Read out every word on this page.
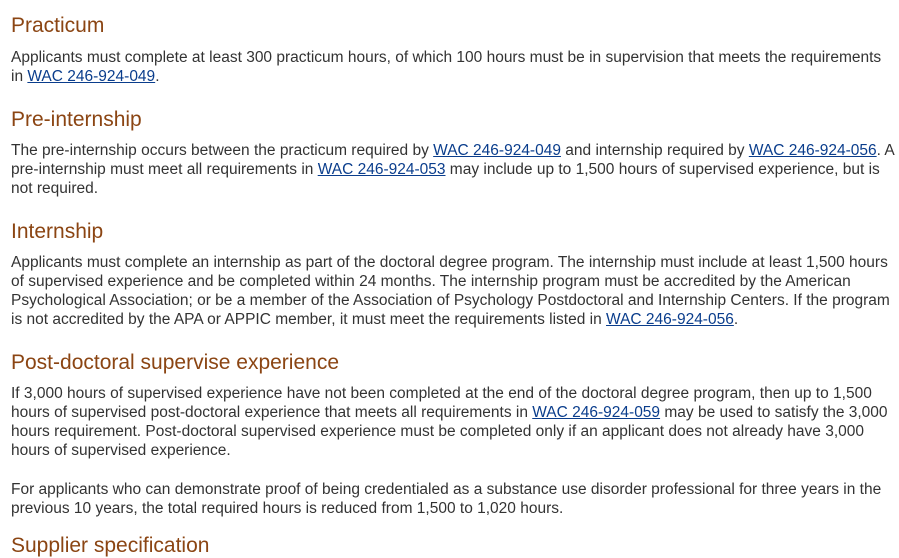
Practicum

Applicants must complete at least 300 practicum hours, of which 100 hours must be in supervision that meets the requirements in WAC 246-924-049.

Pre-internship

The pre-internship occurs between the practicum required by WAC 246-924-049 and internship required by WAC 246-924-056. A pre-internship must meet all requirements in WAC 246-924-053 may include up to 1,500 hours of supervised experience, but is not required.

Internship

Applicants must complete an internship as part of the doctoral degree program. The internship must include at least 1,500 hours of supervised experience and be completed within 24 months. The internship program must be accredited by the American Psychological Association; or be a member of the Association of Psychology Postdoctoral and Internship Centers. If the program is not accredited by the APA or APPIC member, it must meet the requirements listed in WAC 246-924-056.

Post-doctoral supervise experience

If 3,000 hours of supervised experience have not been completed at the end of the doctoral degree program, then up to 1,500 hours of supervised post-doctoral experience that meets all requirements in WAC 246-924-059 may be used to satisfy the 3,000 hours requirement. Post-doctoral supervised experience must be completed only if an applicant does not already have 3,000 hours of supervised experience.

For applicants who can demonstrate proof of being credentialed as a substance use disorder professional for three years in the previous 10 years, the total required hours is reduced from 1,500 to 1,020 hours.

Supplier specification
